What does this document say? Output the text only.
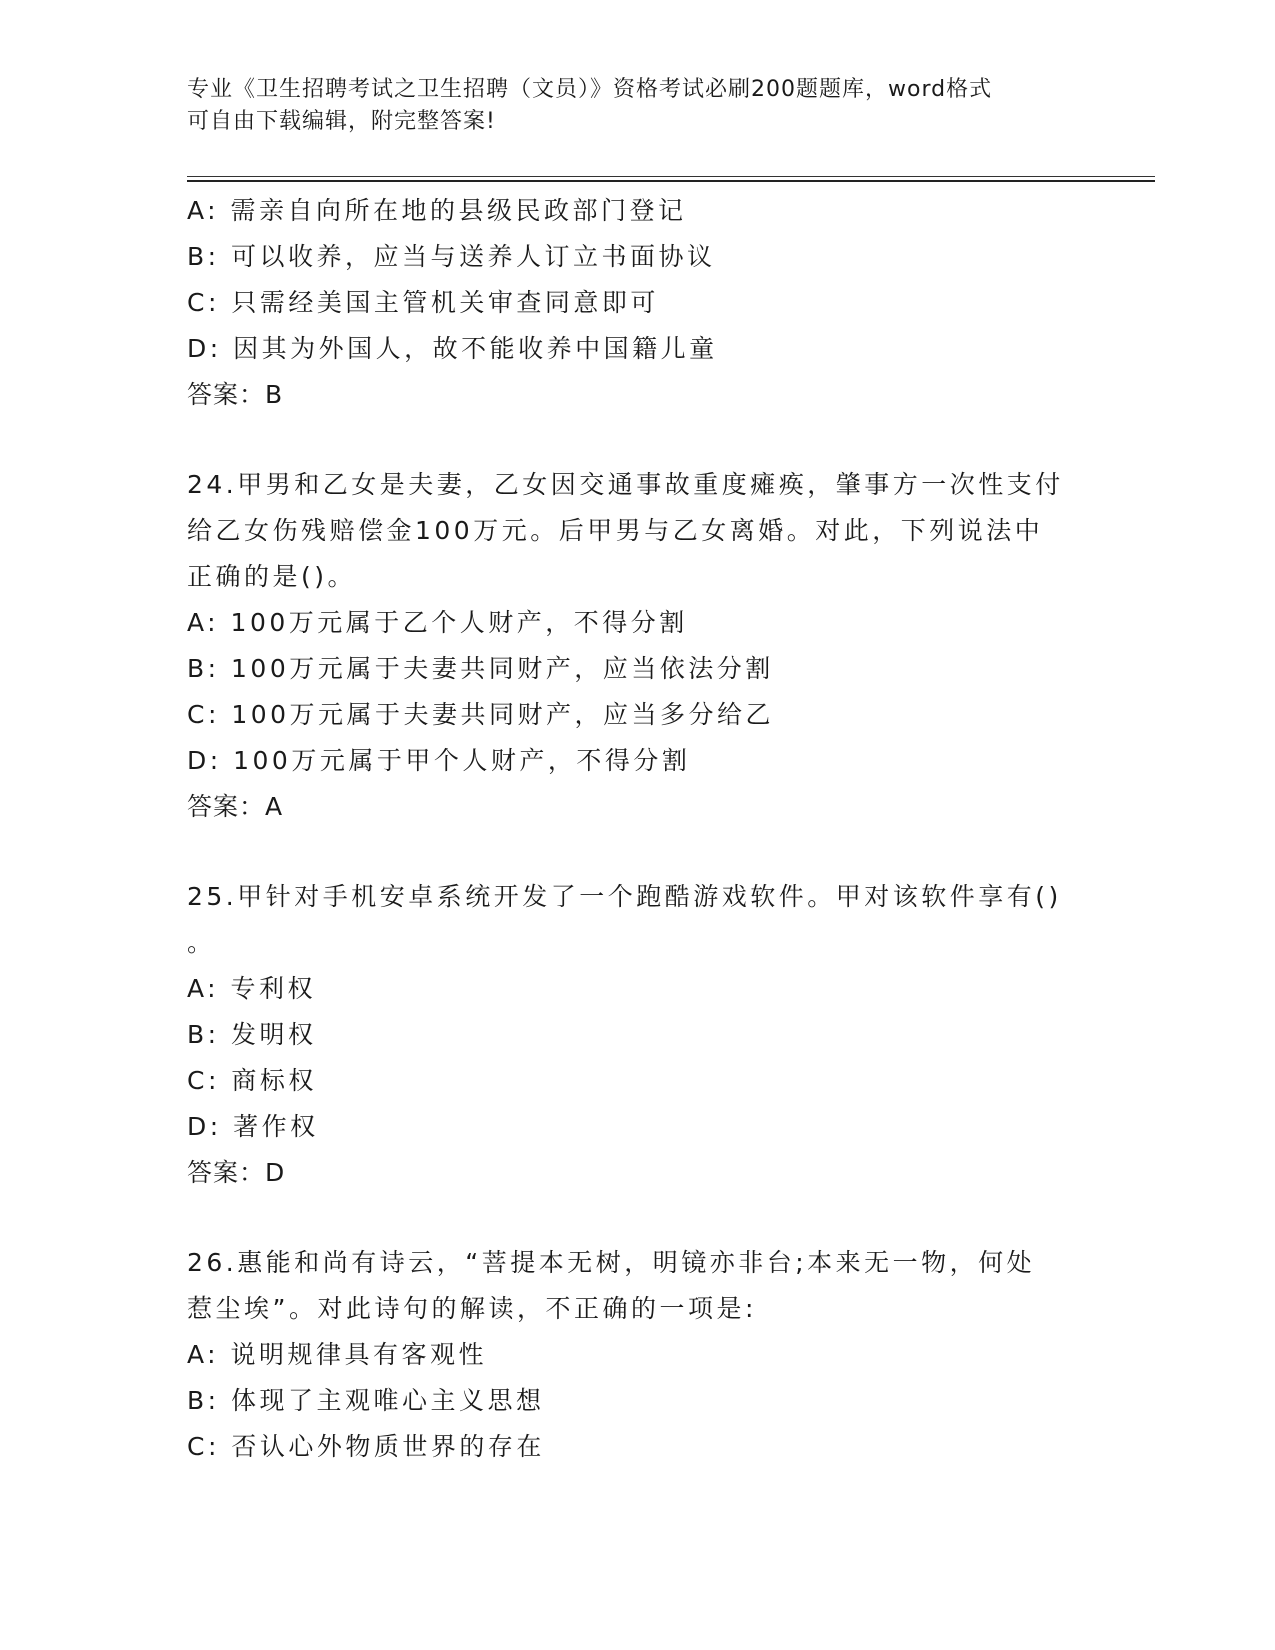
专业《卫生招聘考试之卫生招聘（文员）》资格考试必刷200题题库，word格式
可自由下载编辑，附完整答案!
A: 需亲自向所在地的县级民政部门登记
B: 可以收养，应当与送养人订立书面协议
C: 只需经美国主管机关审查同意即可
D: 因其为外国人，故不能收养中国籍儿童
答案：B
24.甲男和乙女是夫妻，乙女因交通事故重度瘫痪，肇事方一次性支付
给乙女伤残赔偿金100万元。后甲男与乙女离婚。对此，下列说法中
正确的是()。
A: 100万元属于乙个人财产，不得分割
B: 100万元属于夫妻共同财产，应当依法分割
C: 100万元属于夫妻共同财产，应当多分给乙
D: 100万元属于甲个人财产，不得分割
答案：A
25.甲针对手机安卓系统开发了一个跑酷游戏软件。甲对该软件享有()
。
A: 专利权
B: 发明权
C: 商标权
D: 著作权
答案：D
26.惠能和尚有诗云，“菩提本无树，明镜亦非台;本来无一物，何处
惹尘埃”。对此诗句的解读，不正确的一项是:
A: 说明规律具有客观性
B: 体现了主观唯心主义思想
C: 否认心外物质世界的存在
